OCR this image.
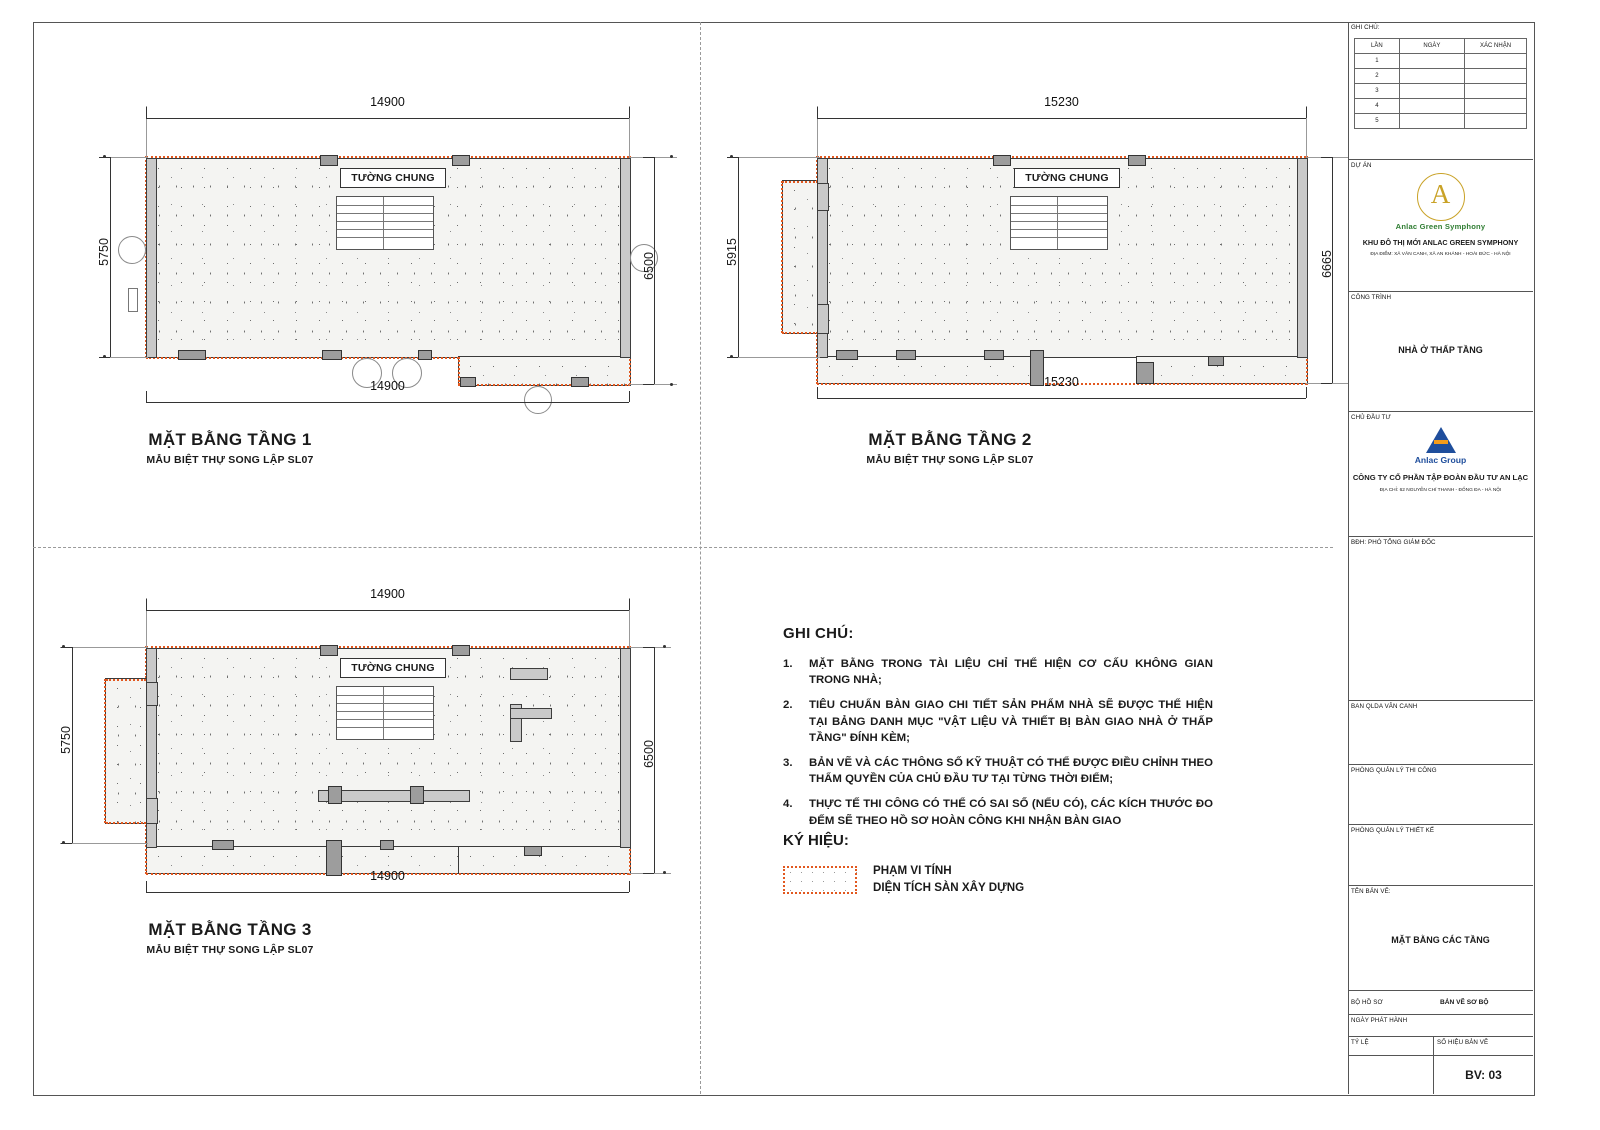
TƯỜNG CHUNG
14900
14900
5750
6500
MẶT BẰNG TẦNG 1
MẪU BIỆT THỰ SONG LẬP SL07
TƯỜNG CHUNG
15230
15230
5915	6665
MẶT BẰNG TẦNG 2
MẪU BIỆT THỰ SONG LẬP SL07
TƯỜNG CHUNG
14900
14900
5750
6500
MẶT BẰNG TẦNG 3
MẪU BIỆT THỰ SONG LẬP SL07
GHI CHÚ:
1.	MẶT BẰNG TRONG TÀI LIỆU CHỈ THỂ HIỆN CƠ CẤU KHÔNG GIAN TRONG NHÀ;
2.	TIÊU CHUẨN BÀN GIAO CHI TIẾT SẢN PHẨM NHÀ SẼ ĐƯỢC THỂ HIỆN TẠI BẢNG DANH MỤC "VẬT LIỆU VÀ THIẾT BỊ BÀN GIAO NHÀ Ở THẤP TẦNG" ĐÍNH KÈM;
3.	BẢN VẼ VÀ CÁC THÔNG SỐ KỸ THUẬT CÓ THỂ ĐƯỢC ĐIỀU CHỈNH THEO THẨM QUYỀN CỦA CHỦ ĐẦU TƯ TẠI TỪNG THỜI ĐIỂM;
4.	THỰC TẾ THI CÔNG CÓ THỂ CÓ SAI SỐ (NẾU CÓ), CÁC KÍCH THƯỚC ĐO ĐẾM SẼ THEO HỒ SƠ HOÀN CÔNG KHI NHẬN BÀN GIAO
KÝ HIỆU:
PHẠM VI TÍNH
DIỆN TÍCH SÀN XÂY DỰNG
GHI CHÚ:
LẦN	NGÀY	XÁC NHẬN
1		
2		
3		
4		
5		
DỰ ÁN
A
Anlac Green Symphony
KHU ĐÔ THỊ MỚI ANLAC GREEN SYMPHONY
ĐỊA ĐIỂM: XÃ VÂN CANH, XÃ AN KHÁNH - HOÀI ĐỨC - HÀ NỘI
CÔNG TRÌNH
NHÀ Ở THẤP TẦNG
CHỦ ĐẦU TƯ
Anlac Group
CÔNG TY CỔ PHẦN TẬP ĐOÀN ĐẦU TƯ AN LẠC
ĐỊA CHỈ: 62 NGUYỄN CHÍ THANH - ĐỐNG ĐA - HÀ NỘI
BĐH: PHÓ TỔNG GIÁM ĐỐC
BAN QLDA VÂN CANH
PHÒNG QUẢN LÝ THI CÔNG
PHÒNG QUẢN LÝ THIẾT KẾ
TÊN BẢN VẼ:
MẶT BẰNG CÁC TẦNG
BỘ HỒ SƠ	BẢN VẼ SƠ BỘ
NGÀY PHÁT HÀNH
TỶ LỆ	SỐ HIỆU BẢN VẼ
BV: 03
